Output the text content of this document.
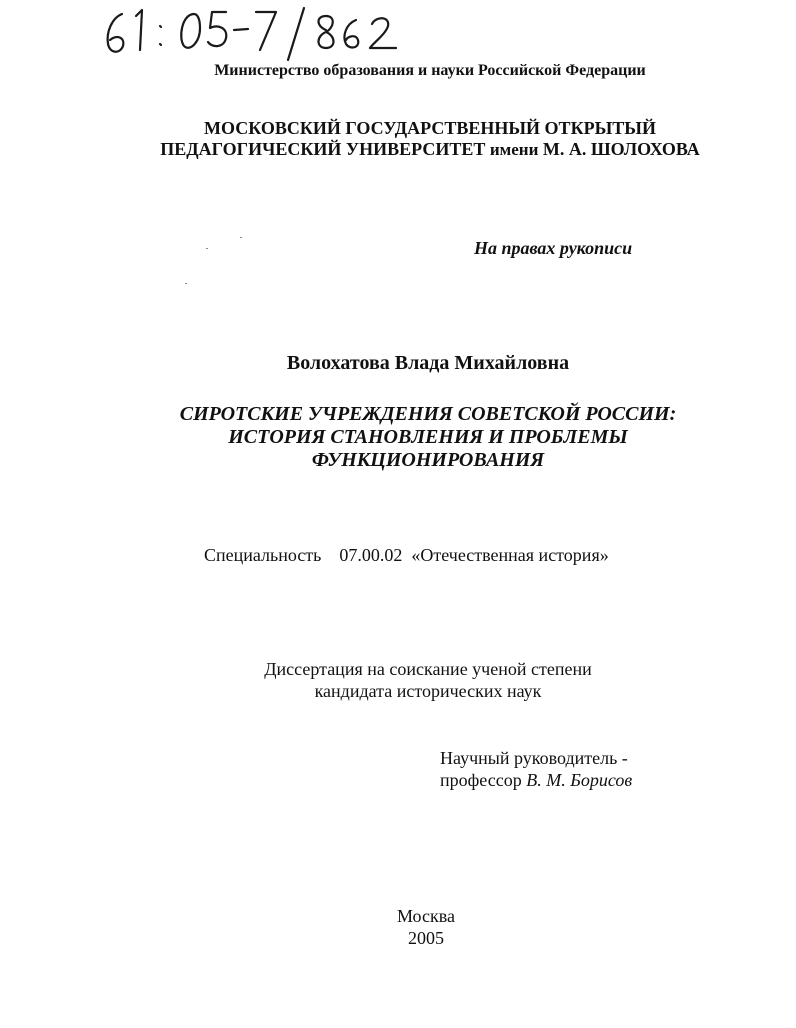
Министерство образования и науки Российской Федерации
МОСКОВСКИЙ ГОСУДАРСТВЕННЫЙ ОТКРЫТЫЙ
ПЕДАГОГИЧЕСКИЙ УНИВЕРСИТЕТ имени М. А. ШОЛОХОВА
На правах рукописи
Волохатова Влада Михайловна
СИРОТСКИЕ УЧРЕЖДЕНИЯ СОВЕТСКОЙ РОССИИ:
ИСТОРИЯ СТАНОВЛЕНИЯ И ПРОБЛЕМЫ
ФУНКЦИОНИРОВАНИЯ
Специальность 07.00.02 «Отечественная история»
Диссертация на соискание ученой степени
кандидата исторических наук
Научный руководитель -
профессор В. М. Борисов
Москва
2005
